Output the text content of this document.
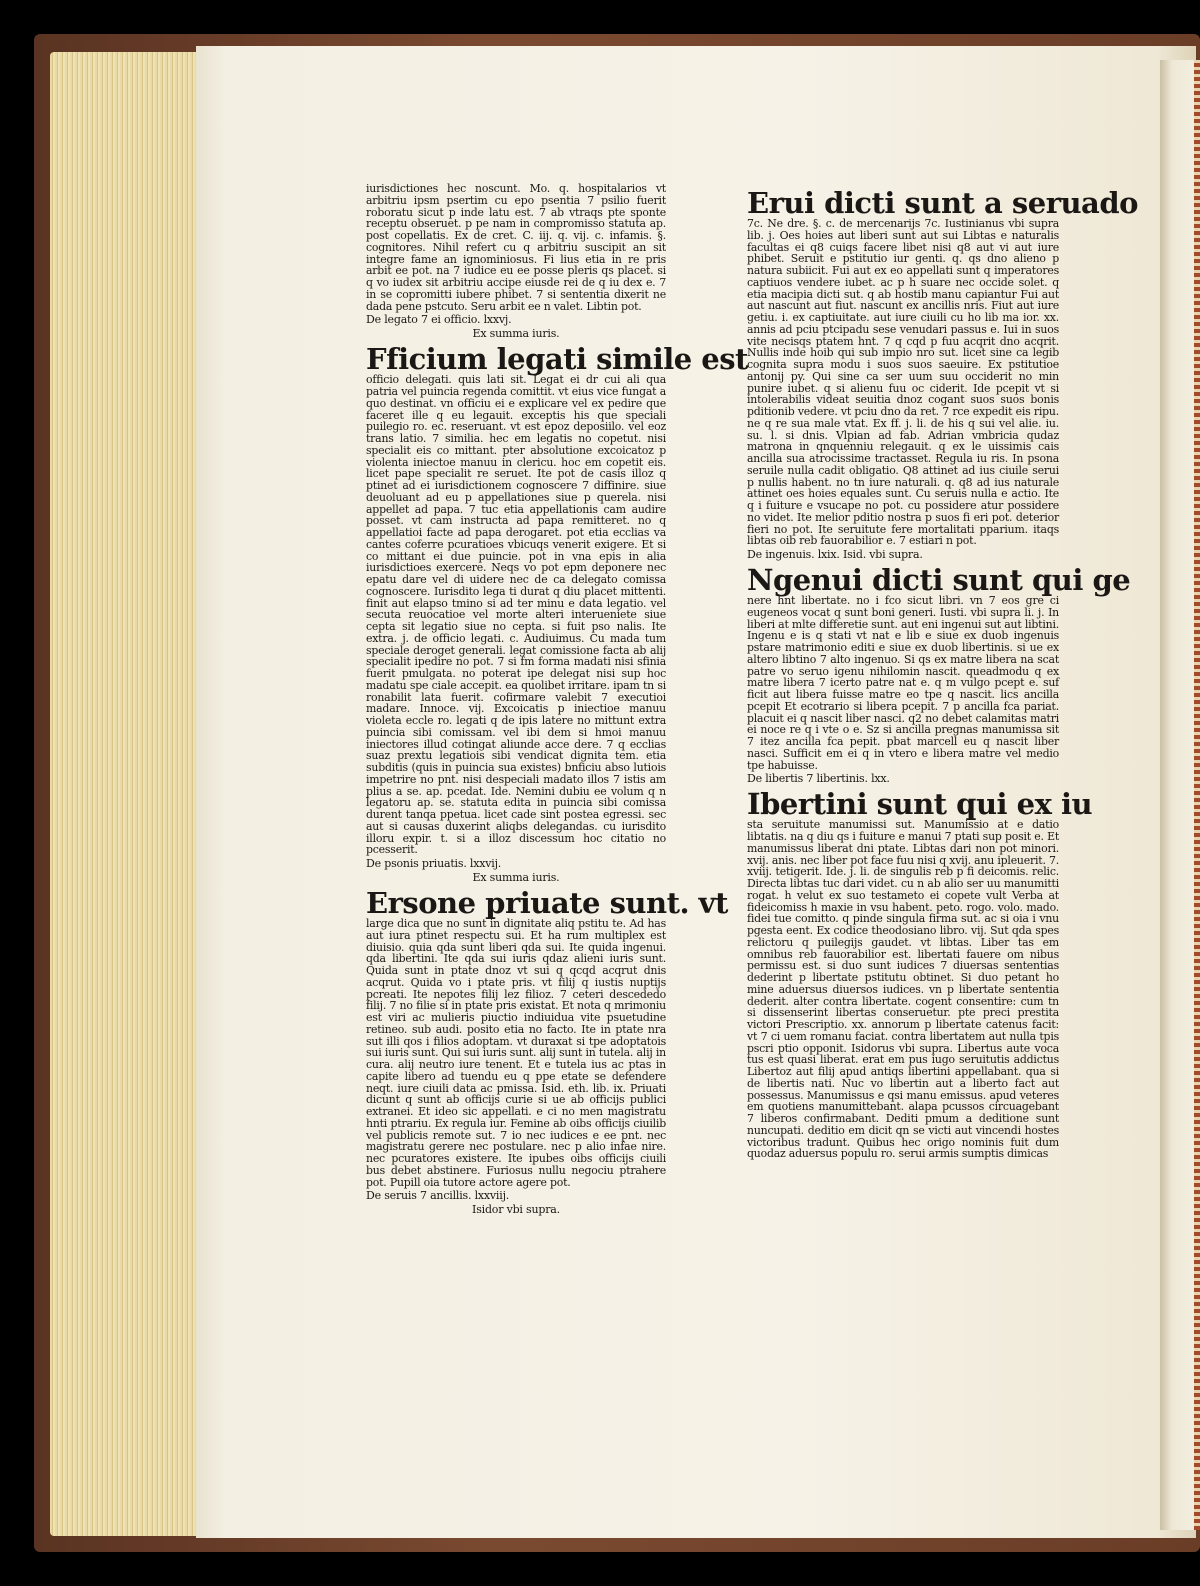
iurisdictiones hec noscunt. Mo. q. hospitalarios vt arbitriu ipsm psertim cu epo psentia 7 psilio fuerit roboratu sicut p inde latu est. 7 ab vtraqs pte sponte receptu obseruet. p pe nam in compromisso statuta ap. post copellatis. Ex de cret. C. iij. q. vij. c. infamis. §. cognitores. Nihil refert cu q arbitriu suscipit an sit integre fame an ignominiosus. Fi lius etia in re pris arbit ee pot. na 7 iudice eu ee posse pleris qs placet. si q vo iudex sit arbitriu accipe eiusde rei de q iu dex e. 7 in se copromitti iubere phibet. 7 si sententia dixerit ne dada pene pstcuto. Seru arbit ee n valet. Libtin pot.

De legato 7 ei officio. lxxvj.

Ex summa iuris.

Fficium legati simile est

officio delegati. quis lati sit. Legat ei dr cui ali qua patria vel puincia regenda comittit. vt eius vice fungat a quo destinat. vn officiu ei e explicare vel ex pedire que faceret ille q eu legauit. exceptis his que speciali puilegio ro. ec. reseruant. vt est epoz deposiilo. vel eoz trans latio. 7 similia. hec em legatis no copetut. nisi specialit eis co mittant. pter absolutione excoicatoz p violenta iniectoe manuu in clericu. hoc em copetit eis. licet pape specialit re seruet. Ite pot de casis illoz q ptinet ad ei iurisdictionem cognoscere 7 diffinire. siue deuoluant ad eu p appellationes siue p querela. nisi appellet ad papa. 7 tuc etia appellationis cam audire posset. vt cam instructa ad papa remitteret. no q appellatioi facte ad papa derogaret. pot etia ecclias va cantes coferre pcuratioes vbicuqs venerit exigere. Et si co mittant ei due puincie. pot in vna epis in alia iurisdictioes exercere. Neqs vo pot epm deponere nec epatu dare vel di uidere nec de ca delegato comissa cognoscere. Iurisdito lega ti durat q diu placet mittenti. finit aut elapso tmino si ad ter minu e data legatio. vel secuta reuocatioe vel morte alteri interueniete siue cepta sit legatio siue no cepta. si fuit pso nalis. Ite extra. j. de officio legati. c. Audiuimus. Cu mada tum speciale deroget generali. legat comissione facta ab alij specialit ipedire no pot. 7 si fm forma madati nisi sfinia fuerit pmulgata. no poterat ipe delegat nisi sup hoc madatu spe ciale accepit. ea quolibet irritare. ipam tn si ronabilit lata fuerit. cofirmare valebit 7 executioi madare. Innoce. vij. Excoicatis p iniectioe manuu violeta eccle ro. legati q de ipis latere no mittunt extra puincia sibi comissam. vel ibi dem si hmoi manuu iniectores illud cotingat aliunde acce dere. 7 q ecclias suaz prextu legatiois sibi vendicat dignita tem. etia subditis (quis in puincia sua existes) bnficiu abso lutiois impetrire no pnt. nisi despeciali madato illos 7 istis am plius a se. ap. pcedat. Ide. Nemini dubiu ee volum q n legatoru ap. se. statuta edita in puincia sibi comissa durent tanqa ppetua. licet cade sint postea egressi. sec aut si causas duxerint aliqbs delegandas. cu iurisdito illoru expir. t. si a illoz discessum hoc citatio no pcesserit.

De psonis priuatis. lxxvij.

Ex summa iuris.

Ersone priuate sunt. vt

large dica que no sunt in dignitate aliq pstitu te. Ad has aut iura ptinet respectu sui. Et ha rum multiplex est diuisio. quia qda sunt liberi qda sui. Ite quida ingenui. qda libertini. Ite qda sui iuris qdaz alieni iuris sunt. Quida sunt in ptate dnoz vt sui q qcqd acqrut dnis acqrut. Quida vo i ptate pris. vt filij q iustis nuptijs pcreati. Ite nepotes filij lez filioz. 7 ceteri descededo filij. 7 no filie si in ptate pris existat. Et nota q mrimoniu est viri ac mulieris piuctio indiuidua vite psuetudine retineo. sub audi. posito etia no facto. Ite in ptate nra sut illi qos i filios adoptam. vt duraxat si tpe adoptatois sui iuris sunt. Qui sui iuris sunt. alij sunt in tutela. alij in cura. alij neutro iure tenent. Et e tutela ius ac ptas in capite libero ad tuendu eu q ppe etate se defendere neqt. iure ciuili data ac pmissa. Isid. eth. lib. ix. Priuati dicunt q sunt ab officijs curie si ue ab officijs publici extranei. Et ideo sic appellati. e ci no men magistratu hnti ptrariu. Ex regula iur. Femine ab oibs officijs ciuilib vel publicis remote sut. 7 io nec iudices e ee pnt. nec magistratu gerere nec postulare. nec p alio infae nire. nec pcuratores existere. Ite ipubes oibs officijs ciuili bus debet abstinere. Furiosus nullu negociu ptrahere pot. Pupill oia tutore actore agere pot.

De seruis 7 ancillis. lxxviij.

Isidor vbi supra.

Erui dicti sunt a seruado

7c. Ne dre. §. c. de mercenarijs 7c. Iustinianus vbi supra lib. j. Oes hoies aut liberi sunt aut sui Libtas e naturalis facultas ei q8 cuiqs facere libet nisi q8 aut vi aut iure phibet. Seruit e pstitutio iur genti. q. qs dno alieno p natura subiicit. Fui aut ex eo appellati sunt q imperatores captiuos vendere iubet. ac p h suare nec occide solet. q etia macipia dicti sut. q ab hostib manu capiantur Fui aut aut nascunt aut fiut. nascunt ex ancillis nris. Fiut aut iure getiu. i. ex captiuitate. aut iure ciuili cu ho lib ma ior. xx. annis ad pciu ptcipadu sese venudari passus e. Iui in suos vite necisqs ptatem hnt. 7 q cqd p fuu acqrit dno acqrit. Nullis inde hoib qui sub impio nro sut. licet sine ca legib cognita supra modu i suos suos saeuire. Ex pstitutioe antonij py. Qui sine ca ser uum suu occiderit no min punire iubet. q si alienu fuu oc ciderit. Ide pcepit vt si intolerabilis videat seuitia dnoz cogant suos suos bonis pditionib vedere. vt pciu dno da ret. 7 rce expedit eis ripu. ne q re sua male vtat. Ex ff. j. li. de his q sui vel alie. iu. su. l. si dnis. Vlpian ad fab. Adrian vmbricia qudaz matrona in qnquenniu relegauit. q ex le uissimis cais ancilla sua atrocissime tractasset. Regula iu ris. In psona seruile nulla cadit obligatio. Q8 attinet ad ius ciuile serui p nullis habent. no tn iure naturali. q. q8 ad ius naturale attinet oes hoies equales sunt. Cu seruis nulla e actio. Ite q i fuiture e vsucape no pot. cu possidere atur possidere no videt. Ite melior pditio nostra p suos fi eri pot. deterior fieri no pot. Ite seruitute fere mortalitati pparium. itaqs libtas oib reb fauorabilior e. 7 estiari n pot.

De ingenuis. lxix. Isid. vbi supra.

Ngenui dicti sunt qui ge

nere hnt libertate. no i fco sicut libri. vn 7 eos gre ci eugeneos vocat q sunt boni generi. Iusti. vbi supra li. j. In liberi at mlte differetie sunt. aut eni ingenui sut aut libtini. Ingenu e is q stati vt nat e lib e siue ex duob ingenuis pstare matrimonio editi e siue ex duob libertinis. si ue ex altero libtino 7 alto ingenuo. Si qs ex matre libera na scat patre vo seruo igenu nihilomin nascit. queadmodu q ex matre libera 7 icerto patre nat e. q m vulgo pcept e. suf ficit aut libera fuisse matre eo tpe q nascit. lics ancilla pcepit Et ecotrario si libera pcepit. 7 p ancilla fca pariat. placuit ei q nascit liber nasci. q2 no debet calamitas matri ei noce re q i vte o e. Sz si ancilla pregnas manumissa sit 7 itez ancilla fca pepit. pbat marcell eu q nascit liber nasci. Sufficit em ei q in vtero e libera matre vel medio tpe habuisse.

De libertis 7 libertinis. lxx.

Ibertini sunt qui ex iu

sta seruitute manumissi sut. Manumissio at e datio libtatis. na q diu qs i fuiture e manui 7 ptati sup posit e. Et manumissus liberat dni ptate. Libtas dari non pot minori. xvij. anis. nec liber pot face fuu nisi q xvij. anu ipleuerit. 7. xviij. tetigerit. Ide. j. li. de singulis reb p fi deicomis. relic. Directa libtas tuc dari videt. cu n ab alio ser uu manumitti rogat. h velut ex suo testameto ei copete vult Verba at fideicomiss h maxie in vsu habent. peto. rogo. volo. mado. fidei tue comitto. q pinde singula firma sut. ac si oia i vnu pgesta eent. Ex codice theodosiano libro. vij. Sut qda spes relictoru q puilegijs gaudet. vt libtas. Liber tas em omnibus reb fauorabilior est. libertati fauere om nibus permissu est. si duo sunt iudices 7 diuersas sententias dederint p libertate pstitutu obtinet. Si duo petant ho mine aduersus diuersos iudices. vn p libertate sententia dederit. alter contra libertate. cogent consentire: cum tn si dissenserint libertas conseruetur. pte preci prestita victori Prescriptio. xx. annorum p libertate catenus facit: vt 7 ci uem romanu faciat. contra libertatem aut nulla tpis pscri ptio opponit. Isidorus vbi supra. Libertus aute voca tus est quasi liberat. erat em pus iugo seruitutis addictus Libertoz aut filij apud antiqs libertini appellabant. qua si de libertis nati. Nuc vo libertin aut a liberto fact aut possessus. Manumissus e qsi manu emissus. apud veteres em quotiens manumittebant. alapa pcussos circuagebant 7 liberos confirmabant. Dediti pmum a deditione sunt nuncupati. deditio em dicit qn se victi aut vincendi hostes victoribus tradunt. Quibus hec origo nominis fuit dum quodaz aduersus populu ro. serui armis sumptis dimicas
